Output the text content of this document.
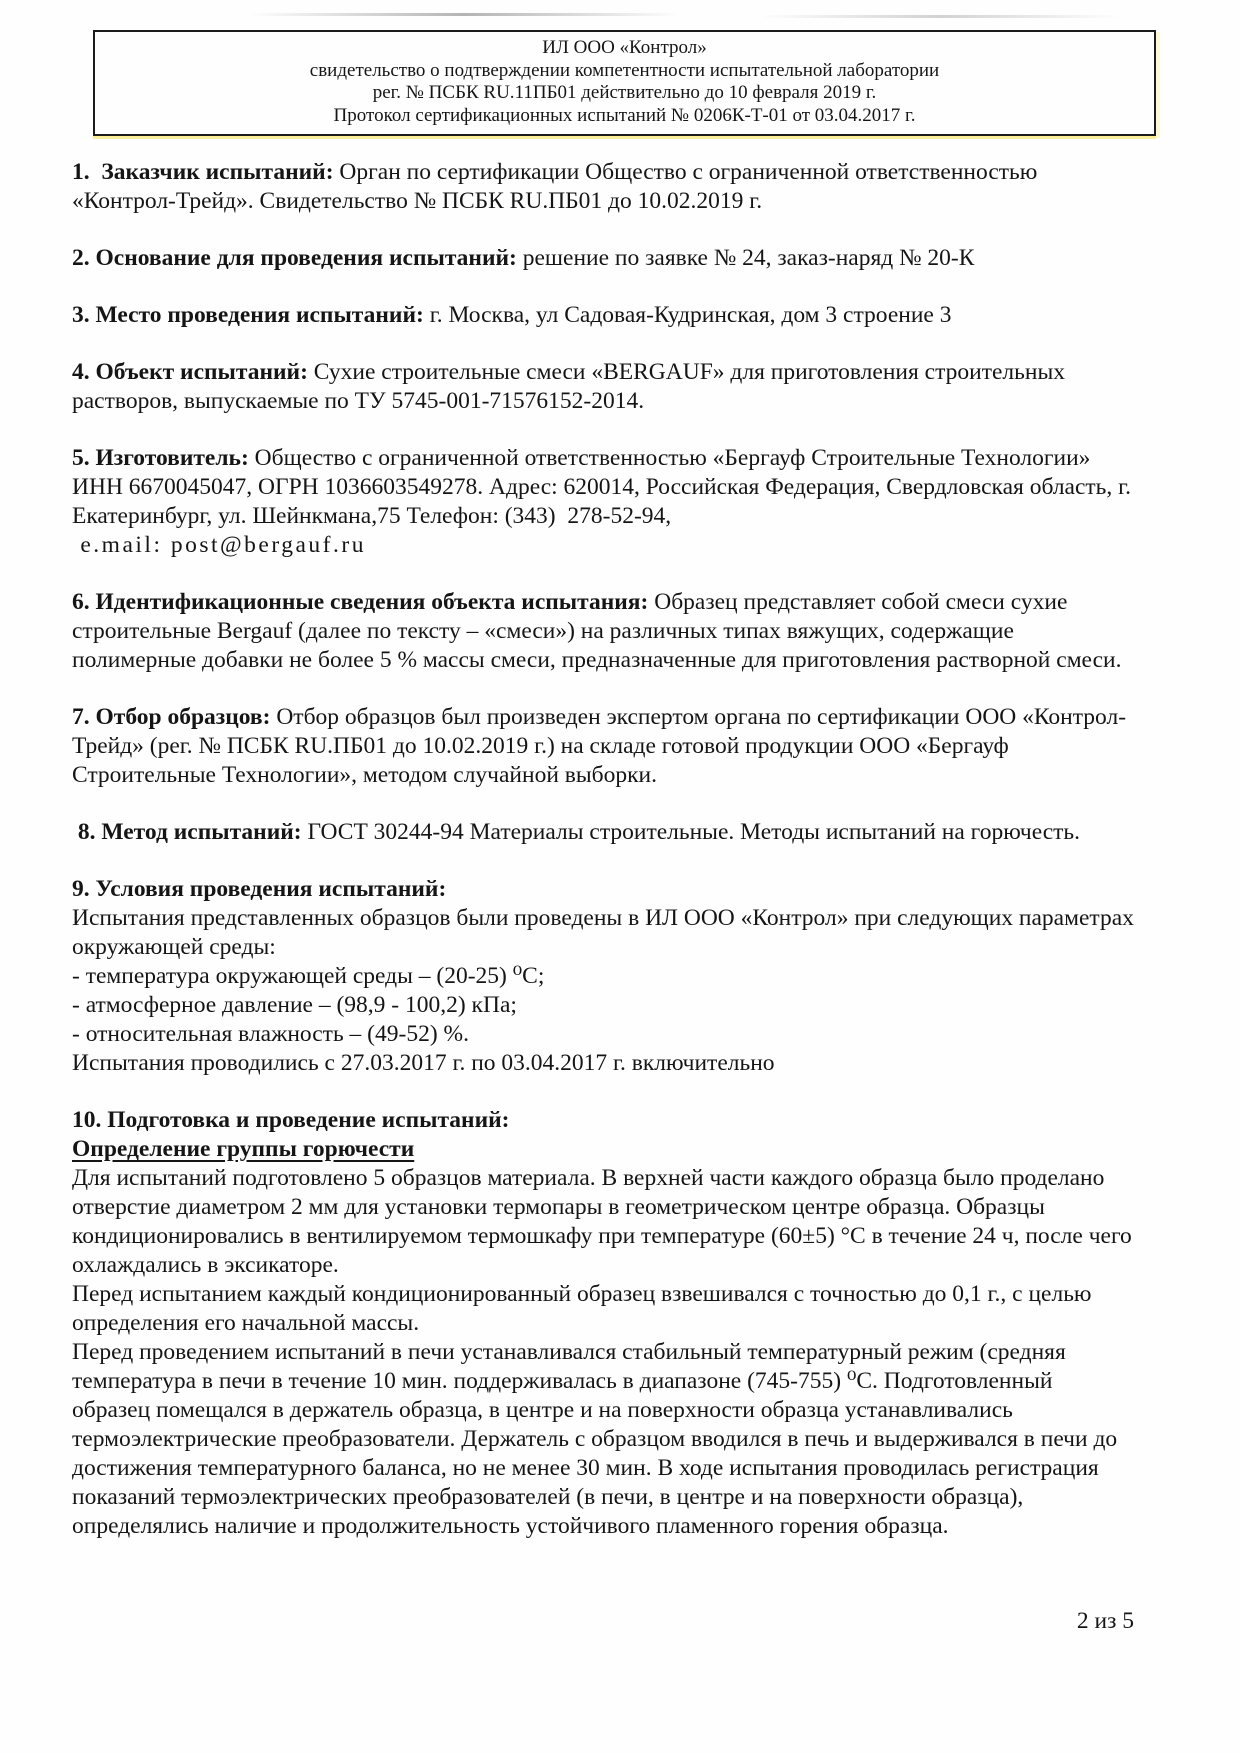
ИЛ ООО «Контрол»
свидетельство о подтверждении компетентности испытательной лаборатории
рег. № ПСБК RU.11ПБ01 действительно до 10 февраля 2019 г.
Протокол сертификационных испытаний № 0206К-Т-01 от 03.04.2017 г.

1.  Заказчик испытаний: Орган по сертификации Общество с ограниченной ответственностью «Контрол-Трейд». Свидетельство № ПСБК RU.ПБ01 до 10.02.2019 г.

2. Основание для проведения испытаний: решение по заявке № 24, заказ-наряд № 20-К

3. Место проведения испытаний: г. Москва, ул Садовая-Кудринская, дом 3 строение 3

4. Объект испытаний: Сухие строительные смеси «BERGAUF» для приготовления строительных растворов, выпускаемые по ТУ 5745-001-71576152-2014.

5. Изготовитель: Общество с ограниченной ответственностью «Бергауф Строительные Технологии» ИНН 6670045047, ОГРН 1036603549278. Адрес: 620014, Российская Федерация, Свердловская область, г. Екатеринбург, ул. Шейнкмана,75 Телефон: (343)  278-52-94,
e.mail: post@bergauf.ru

6. Идентификационные сведения объекта испытания: Образец представляет собой смеси сухие строительные Bergauf (далее по тексту – «смеси») на различных типах вяжущих, содержащие полимерные добавки не более 5 % массы смеси, предназначенные для приготовления растворной смеси.

7. Отбор образцов: Отбор образцов был произведен экспертом органа по сертификации ООО «Контрол-Трейд» (рег. № ПСБК RU.ПБ01 до 10.02.2019 г.) на складе готовой продукции ООО «Бергауф Строительные Технологии», методом случайной выборки.

8. Метод испытаний: ГОСТ 30244-94 Материалы строительные. Методы испытаний на горючесть.

9. Условия проведения испытаний:
Испытания представленных образцов были проведены в ИЛ ООО «Контрол» при следующих параметрах окружающей среды:
- температура окружающей среды – (20-25) ⁰С;
- атмосферное давление – (98,9 - 100,2) кПа;
- относительная влажность – (49-52) %.
Испытания проводились с 27.03.2017 г. по 03.04.2017 г. включительно
10. Подготовка и проведение испытаний:
Определение группы горючести
Для испытаний подготовлено 5 образцов материала. В верхней части каждого образца было проделано отверстие диаметром 2 мм для установки термопары в геометрическом центре образца. Образцы кондиционировались в вентилируемом термошкафу при температуре (60±5) °С в течение 24 ч, после чего охлаждались в эксикаторе.
Перед испытанием каждый кондиционированный образец взвешивался с точностью до 0,1 г., с целью определения его начальной массы.
Перед проведением испытаний в печи устанавливался стабильный температурный режим (средняя температура в печи в течение 10 мин. поддерживалась в диапазоне (745-755) ⁰С. Подготовленный образец помещался в держатель образца, в центре и на поверхности образца устанавливались термоэлектрические преобразователи. Держатель с образцом вводился в печь и выдерживался в печи до достижения температурного баланса, но не менее 30 мин. В ходе испытания проводилась регистрация показаний термоэлектрических преобразователей (в печи, в центре и на поверхности образца), определялись наличие и продолжительность устойчивого пламенного горения образца.
2 из 5
